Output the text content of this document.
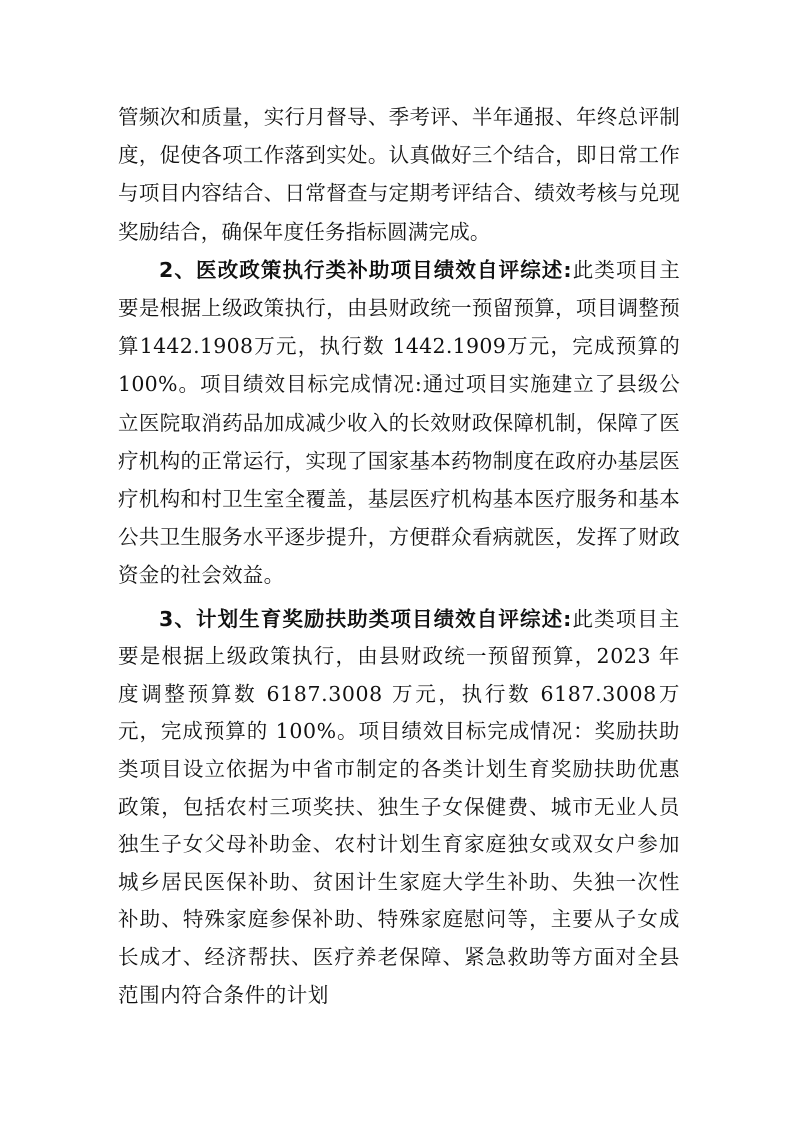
管频次和质量，实行月督导、季考评、半年通报、年终总评制度，促使各项工作落到实处。认真做好三个结合，即日常工作与项目内容结合、日常督查与定期考评结合、绩效考核与兑现奖励结合，确保年度任务指标圆满完成。

2、医改政策执行类补助项目绩效自评综述:此类项目主要是根据上级政策执行，由县财政统一预留预算，项目调整预算1442.1908万元，执行数 1442.1909万元，完成预算的 100%。项目绩效目标完成情况:通过项目实施建立了县级公立医院取消药品加成减少收入的长效财政保障机制，保障了医疗机构的正常运行，实现了国家基本药物制度在政府办基层医疗机构和村卫生室全覆盖，基层医疗机构基本医疗服务和基本公共卫生服务水平逐步提升，方便群众看病就医，发挥了财政资金的社会效益。

3、计划生育奖励扶助类项目绩效自评综述:此类项目主要是根据上级政策执行，由县财政统一预留预算，2023 年度调整预算数 6187.3008 万元，执行数 6187.3008万元，完成预算的 100%。项目绩效目标完成情况：奖励扶助类项目设立依据为中省市制定的各类计划生育奖励扶助优惠政策，包括农村三项奖扶、独生子女保健费、城市无业人员独生子女父母补助金、农村计划生育家庭独女或双女户参加城乡居民医保补助、贫困计生家庭大学生补助、失独一次性补助、特殊家庭参保补助、特殊家庭慰问等，主要从子女成长成才、经济帮扶、医疗养老保障、紧急救助等方面对全县范围内符合条件的计划
